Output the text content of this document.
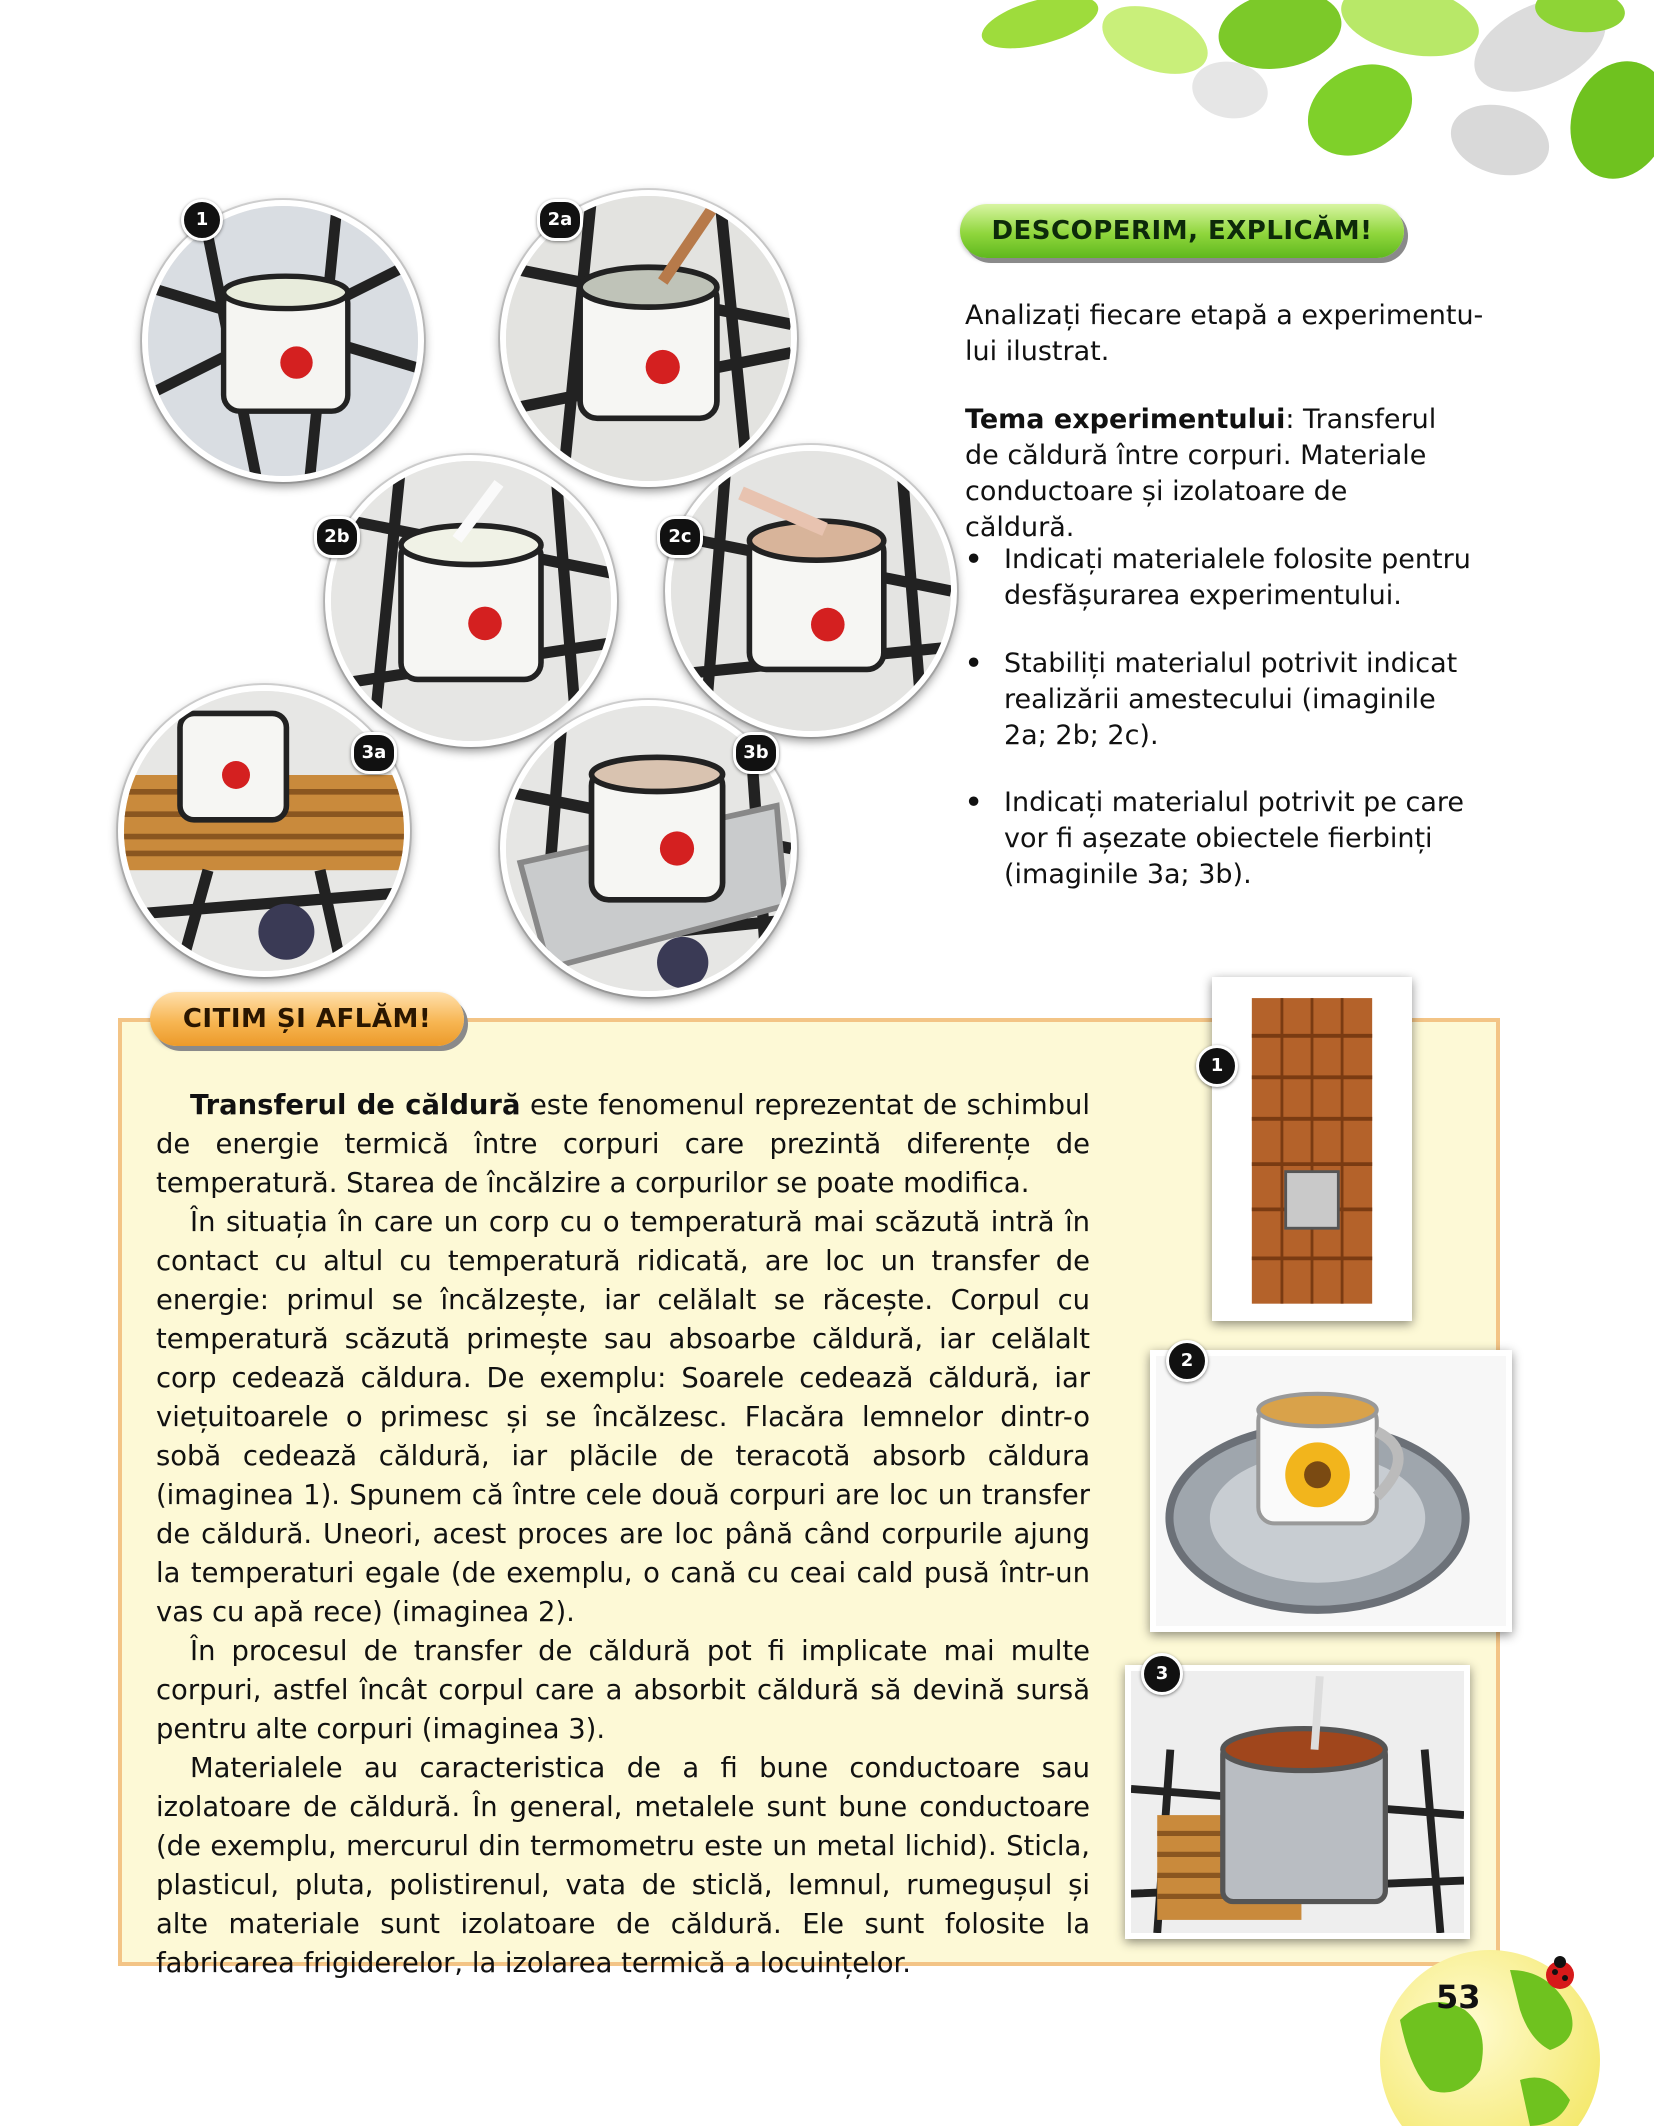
1	2a
2b	2c
3a	3b
DESCOPERIM, EXPLICĂM!
Analizați fiecare etapă a experimentu-lui ilustrat.
Tema experimentului: Transferul de căldură între corpuri. Materiale conductoare și izolatoare de căldură.
• Indicați materialele folosite pentru desfășurarea experimentului.
• Stabiliți materialul potrivit indicat realizării amestecului (imaginile 2a; 2b; 2c).
• Indicați materialul potrivit pe care vor fi așezate obiectele fierbinți (imaginile 3a; 3b).
CITIM ȘI AFLĂM!

Transferul de căldură este fenomenul reprezentat de schimbul de energie termică între corpuri care prezintă diferențe de temperatură. Starea de încălzire a corpurilor se poate modifica.

În situația în care un corp cu o temperatură mai scăzută intră în contact cu altul cu temperatură ridicată, are loc un transfer de energie: primul se încălzește, iar celălalt se răcește. Corpul cu temperatură scăzută primește sau absoarbe căldură, iar celălalt corp cedează căldura. De exemplu: Soarele cedează căldură, iar viețuitoarele o primesc și se încălzesc. Flacăra lemnelor dintr-o sobă cedează căldură, iar plăcile de teracotă absorb căldura (imaginea 1). Spunem că între cele două corpuri are loc un transfer de căldură. Uneori, acest proces are loc până când corpurile ajung la temperaturi egale (de exemplu, o cană cu ceai cald pusă într-un vas cu apă rece) (imaginea 2).

În procesul de transfer de căldură pot fi implicate mai multe corpuri, astfel încât corpul care a absorbit căldură să devină sursă pentru alte corpuri (imaginea 3).

Materialele au caracteristica de a fi bune conductoare sau izolatoare de căldură. În general, metalele sunt bune conductoare (de exemplu, mercurul din termometru este un metal lichid). Sticla, plasticul, pluta, polistirenul, vata de sticlă, lemnul, rumegușul și alte materiale sunt izolatoare de căldură. Ele sunt folosite la fabricarea frigiderelor, la izolarea termică a locuințelor.

1
2
3
53
